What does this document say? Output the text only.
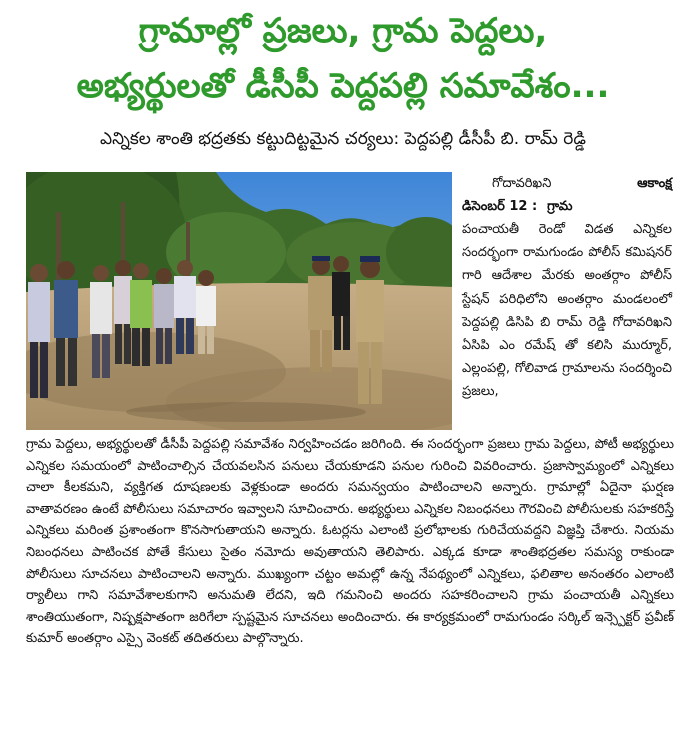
గ్రామాల్లో ప్రజలు, గ్రామ పెద్దలు,
అభ్యర్థులతో డీసీపీ పెద్దపల్లి సమావేశం...
ఎన్నికల శాంతి భద్రతకు కట్టుదిట్టమైన చర్యలు: పెద్దపల్లి డీసీపీ బి. రామ్ రెడ్డి
గోదావరిఖని	ఆకాంక్ష
డిసెంబర్ 12 : గ్రామ
పంచాయతీ రెండో విడత ఎన్నికల సందర్భంగా రామగుండం పోలీస్ కమిషనర్ గారి ఆదేశాల మేరకు అంతర్గాం పోలీస్ స్టేషన్ పరిధిలోని అంతర్గాం మండలంలో పెద్దపల్లి డిసిపి బి రామ్ రెడ్డి గోదావరిఖని ఏసిపి ఎం రమేష్ తో కలిసి ముర్మూర్, ఎల్లంపల్లి, గోలివాడ గ్రామాలను సందర్శించి ప్రజలు,
గ్రామ పెద్దలు, అభ్యర్థులతో డీసీపీ పెద్దపల్లి సమావేశం నిర్వహించడం జరిగింది. ఈ సందర్భంగా ప్రజలు గ్రామ పెద్దలు, పోటీ అభ్యర్థులు ఎన్నికల సమయంలో పాటించాల్సిన చేయవలసిన పనులు చేయకూడని పనుల గురించి వివరించారు. ప్రజాస్వామ్యంలో ఎన్నికలు చాలా కీలకమని, వ్యక్తిగత దూషణలకు వెళ్లకుండా అందరు సమన్వయం పాటించాలని అన్నారు. గ్రామాల్లో ఏదైనా ఘర్షణ వాతావరణం ఉంటే పోలీసులు సమాచారం ఇవ్వాలని సూచించారు. అభ్యర్థులు ఎన్నికల నిబంధనలు గౌరవించి పోలీసులకు సహకరిస్తే ఎన్నికలు మరింత ప్రశాంతంగా కొనసాగుతాయని అన్నారు. ఓటర్లను ఎలాంటి ప్రలోభాలకు గురిచేయవద్దని విజ్ఞప్తి చేశారు. నియమ నిబంధనలు పాటించక పోతే కేసులు సైతం నమోదు అవుతాయని తెలిపారు. ఎక్కడ కూడా శాంతిభద్రతల సమస్య రాకుండా పోలీసులు సూచనలు పాటించాలని అన్నారు. ముఖ్యంగా చట్టం అమల్లో ఉన్న నేపథ్యంలో ఎన్నికలు, ఫలితాల అనంతరం ఎలాంటి ర్యాలీలు గాని సమావేశాలకుగాని అనుమతి లేదని, ఇది గమనించి అందరు సహకరించాలని గ్రామ పంచాయతీ ఎన్నికలు శాంతియుతంగా, నిష్పక్షపాతంగా జరిగేలా స్పష్టమైన సూచనలు అందించారు. ఈ కార్యక్రమంలో రామగుండం సర్కిల్ ఇన్స్పెక్టర్ ప్రవీణ్ కుమార్ అంతర్గాం ఎస్సై వెంకట్ తదితరులు పాల్గొన్నారు.
